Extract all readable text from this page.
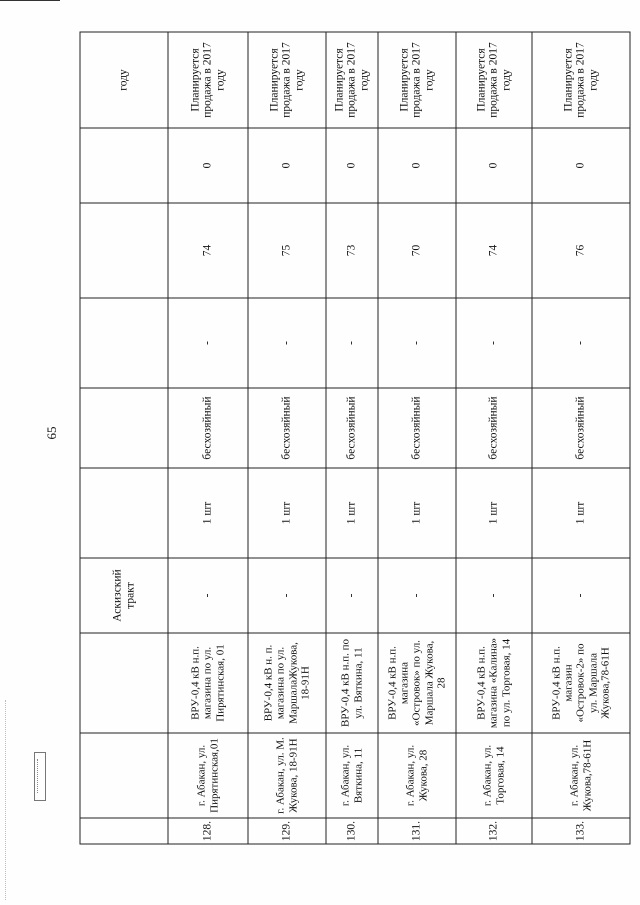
65
			Аскизский тракт						году
128.	г. Абакан, ул. Пирятинская,01	ВРУ-0,4 кВ н.п. магазина по ул. Пирятинская, 01	-	1 шт	бесхозяйный	-	74	0	Планируется продажа в 2017 году
129.	г. Абакан, ул. М. Жукова, 18-91Н	ВРУ-0,4 кВ н. п. магазина по ул. МаршалаЖукова, 18-91Н	-	1 шт	бесхозяйный	-	75	0	Планируется продажа в 2017 году
130.	г. Абакан, ул. Вяткина, 11	ВРУ-0,4 кВ н.п. по ул. Вяткина, 11	-	1 шт	бесхозяйный	-	73	0	Планируется продажа в 2017 году
131.	г. Абакан, ул. Жукова, 28	ВРУ-0,4 кВ н.п. магазина «Островок» по ул. Маршала Жукова, 28	-	1 шт	бесхозяйный	-	70	0	Планируется продажа в 2017 году
132.	г. Абакан, ул. Торговая, 14	ВРУ-0,4 кВ н.п. магазина «Калина» по ул. Торговая, 14	-	1 шт	бесхозяйный	-	74	0	Планируется продажа в 2017 году
133.	г. Абакан, ул. Жукова,78-61Н	ВРУ-0,4 кВ н.п. магазин «Островок-2» по ул. Маршала Жукова,78-61Н	-	1 шт	бесхозяйный	-	76	0	Планируется продажа в 2017 году
